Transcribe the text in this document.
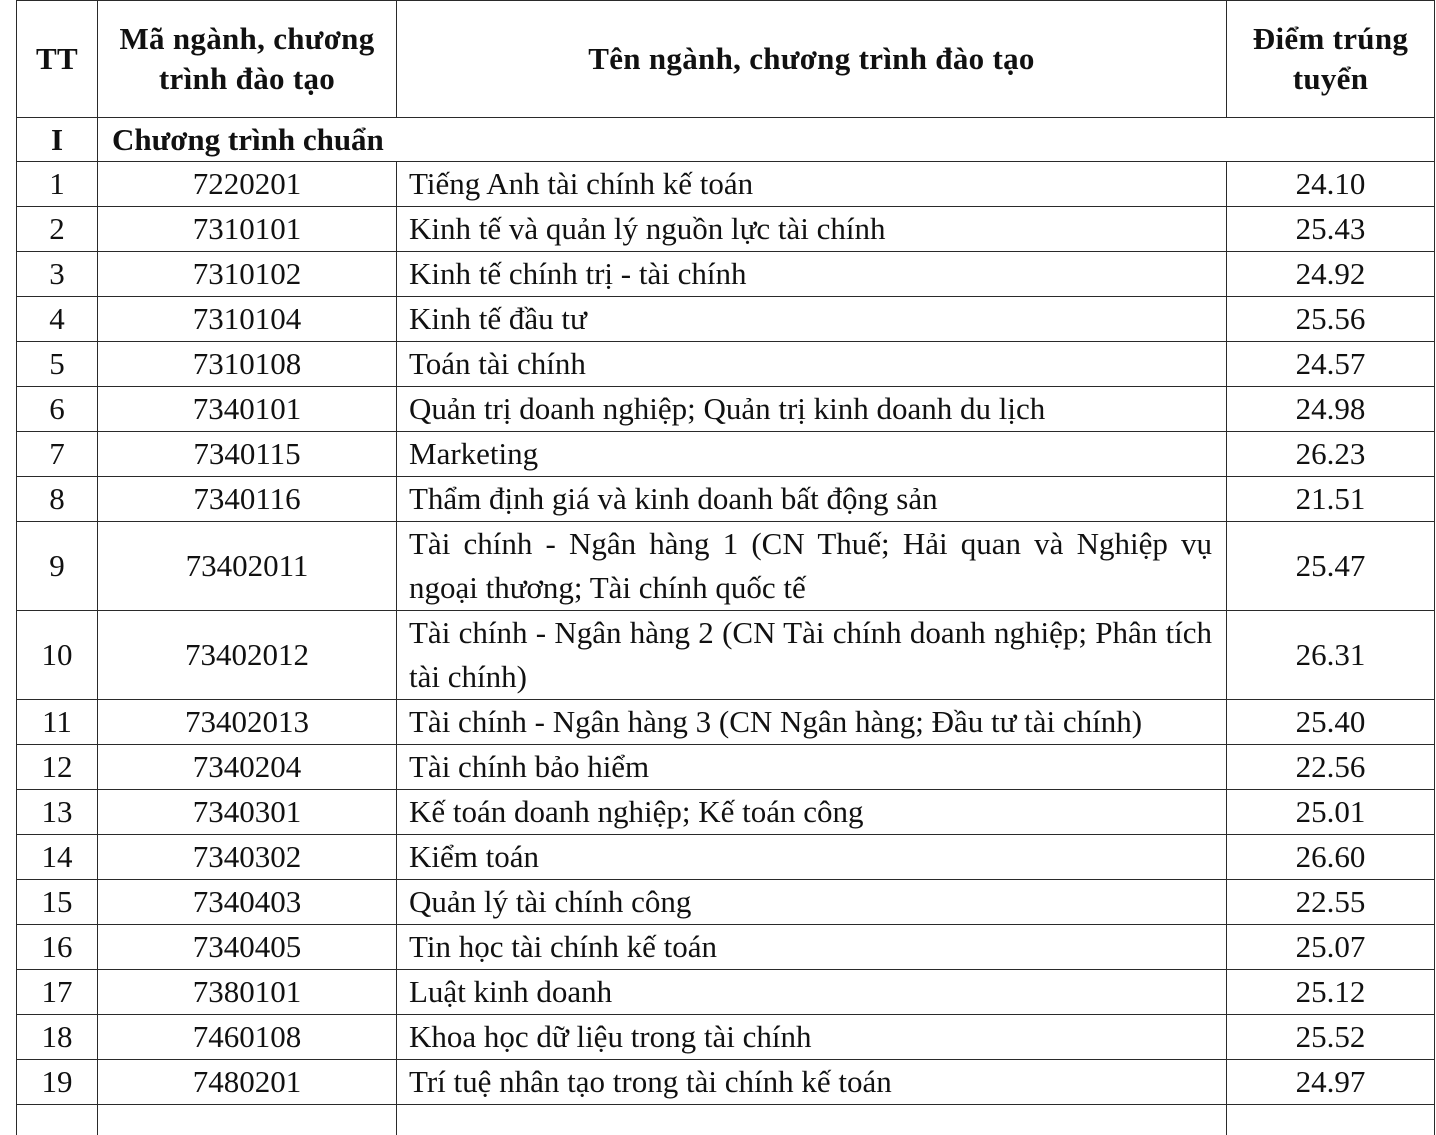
TT	Mã ngành, chương trình đào tạo	Tên ngành, chương trình đào tạo	Điểm trúng tuyển
I	Chương trình chuẩn		
1	7220201	Tiếng Anh tài chính kế toán	24.10
2	7310101	Kinh tế và quản lý nguồn lực tài chính	25.43
3	7310102	Kinh tế chính trị - tài chính	24.92
4	7310104	Kinh tế đầu tư	25.56
5	7310108	Toán tài chính	24.57
6	7340101	Quản trị doanh nghiệp; Quản trị kinh doanh du lịch	24.98
7	7340115	Marketing	26.23
8	7340116	Thẩm định giá và kinh doanh bất động sản	21.51
9	73402011	Tài chính - Ngân hàng 1 (CN Thuế; Hải quan và Nghiệp vụ ngoại thương; Tài chính quốc tế	25.47
10	73402012	Tài chính - Ngân hàng 2 (CN Tài chính doanh nghiệp; Phân tích tài chính)	26.31
11	73402013	Tài chính - Ngân hàng 3 (CN Ngân hàng; Đầu tư tài chính)	25.40
12	7340204	Tài chính bảo hiểm	22.56
13	7340301	Kế toán doanh nghiệp; Kế toán công	25.01
14	7340302	Kiểm toán	26.60
15	7340403	Quản lý tài chính công	22.55
16	7340405	Tin học tài chính kế toán	25.07
17	7380101	Luật kinh doanh	25.12
18	7460108	Khoa học dữ liệu trong tài chính	25.52
19	7480201	Trí tuệ nhân tạo trong tài chính kế toán	24.97
